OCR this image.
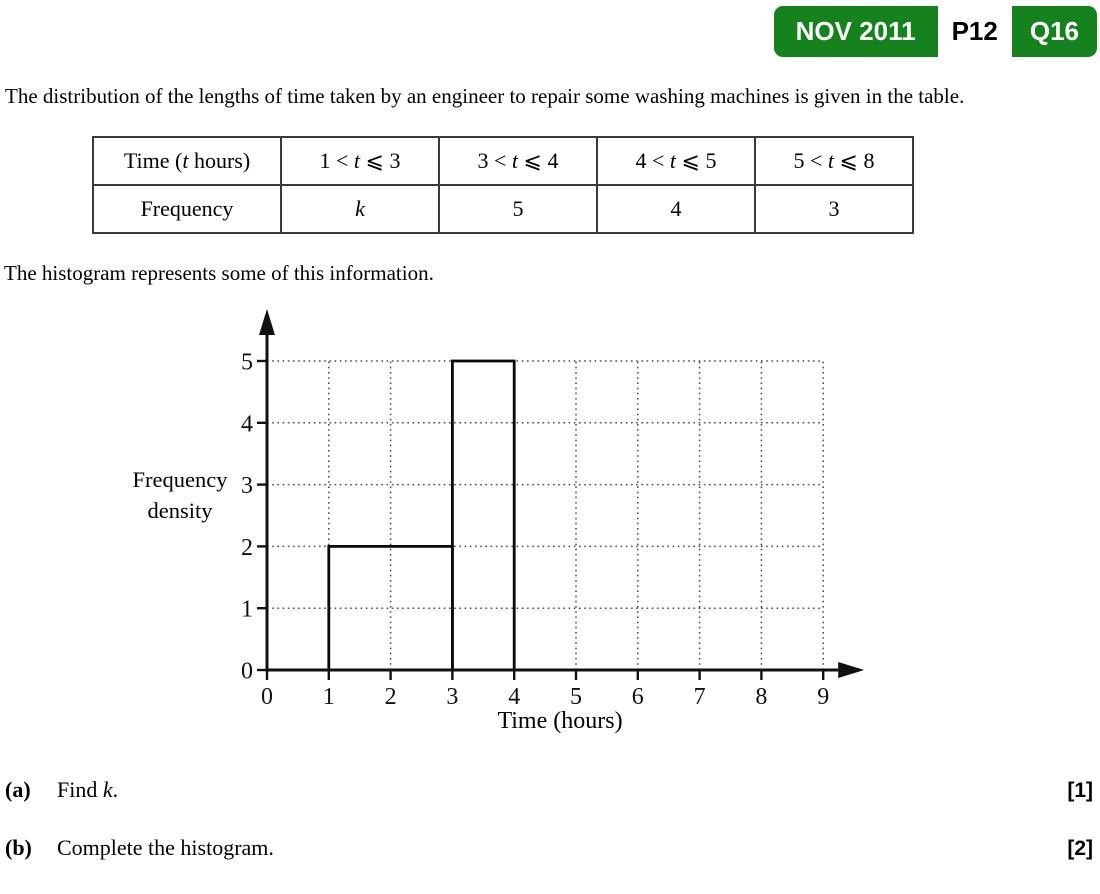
NOV 2011	P12	Q16

The distribution of the lengths of time taken by an engineer to repair some washing machines is given in the table.

Time (t hours)	1 < t ⩽ 3	3 < t ⩽ 4	4 < t ⩽ 5	5 < t ⩽ 8
Frequency	k	5	4	3

The histogram represents some of this information.

0 1 2 3 4 5 6 7 8 9
0
1
2
3
4
5
Frequency density
Time (hours)
(a)	Find k.	[1]
(b)	Complete the histogram.	[2]
